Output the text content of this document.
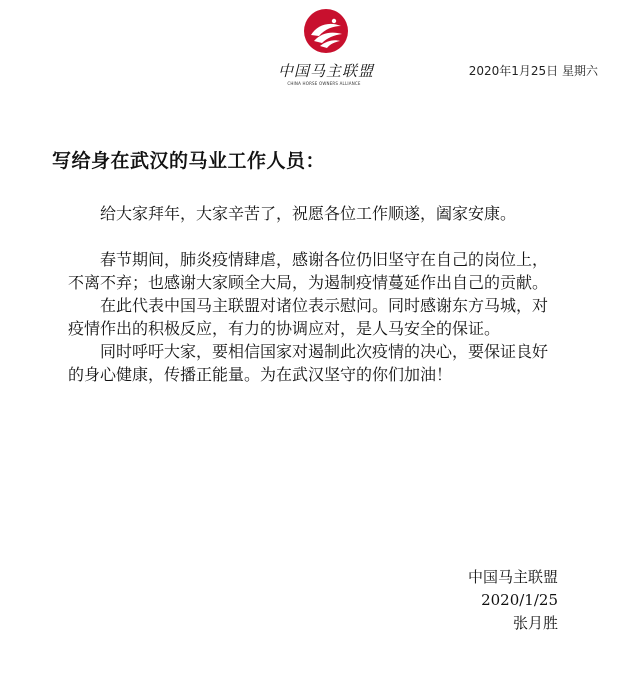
中国马主联盟
CHINA HORSE OWNERS ALLIANCE
2020年1月25日 星期六
写给身在武汉的马业工作人员：

给大家拜年，大家辛苦了，祝愿各位工作顺遂，阖家安康。

春节期间，肺炎疫情肆虐，感谢各位仍旧坚守在自己的岗位上，不离不弃；也感谢大家顾全大局，为遏制疫情蔓延作出自己的贡献。

在此代表中国马主联盟对诸位表示慰问。同时感谢东方马城，对疫情作出的积极反应，有力的协调应对，是人马安全的保证。

同时呼吁大家，要相信国家对遏制此次疫情的决心，要保证良好的身心健康，传播正能量。为在武汉坚守的你们加油！

中国马主联盟
2020/1/25
张月胜
